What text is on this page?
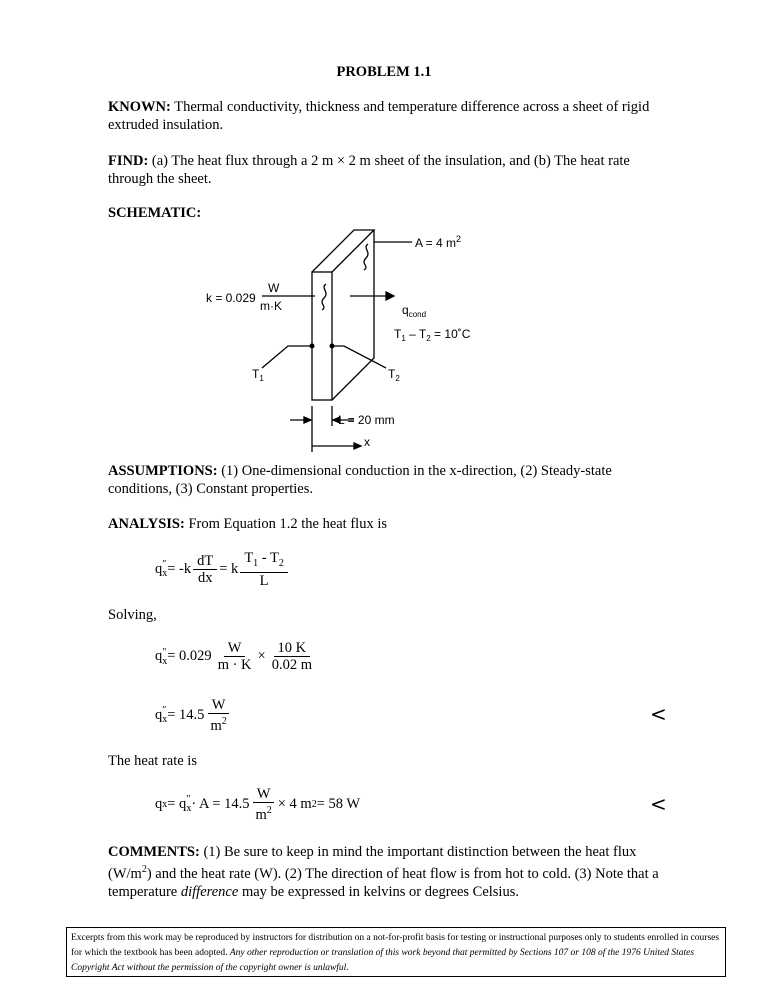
PROBLEM 1.1
KNOWN: Thermal conductivity, thickness and temperature difference across a sheet of rigid extruded insulation.
FIND: (a) The heat flux through a 2 m × 2 m sheet of the insulation, and (b) The heat rate through the sheet.
SCHEMATIC:
A = 4 $m^2$
k = 0.029
W
m·K	$q_{cond}$
$T_1 - T_2$ = 10˚C
$T_1$	$T_2$
L = 20 mm
x
ASSUMPTIONS: (1) One-dimensional conduction in the x-direction, (2) Steady-state conditions, (3) Constant properties.
ANALYSIS: From Equation 1.2 the heat flux is
q ″
$x = -k \frac{dT}{dx} = k \frac{T_1 - T_2}{L}$
Solving,
q "
$x = 0.029 \frac{W}{m \cdot K} \times \frac{10 K}{0.02 m}$
q ″
$x = 14.5 \frac{W}{m^2}$	<
The heat rate is
q x = q ″
$x \cdot A = 14.5 \frac{W}{m^2} \times 4$ m 2 = 58 W	<
COMMENTS: (1) Be sure to keep in mind the important distinction between the heat flux $(W/m^2)$ and the heat rate (W). (2) The direction of heat flow is from hot to cold. (3) Note that a temperature difference may be expressed in kelvins or degrees Celsius.
Excerpts from this work may be reproduced by instructors for distribution on a not-for-profit basis for testing or instructional purposes only to students enrolled in courses for which the textbook has been adopted. Any other reproduction or translation of this work beyond that permitted by Sections 107 or 108 of the 1976 United States Copyright Act without the permission of the copyright owner is unlawful.
